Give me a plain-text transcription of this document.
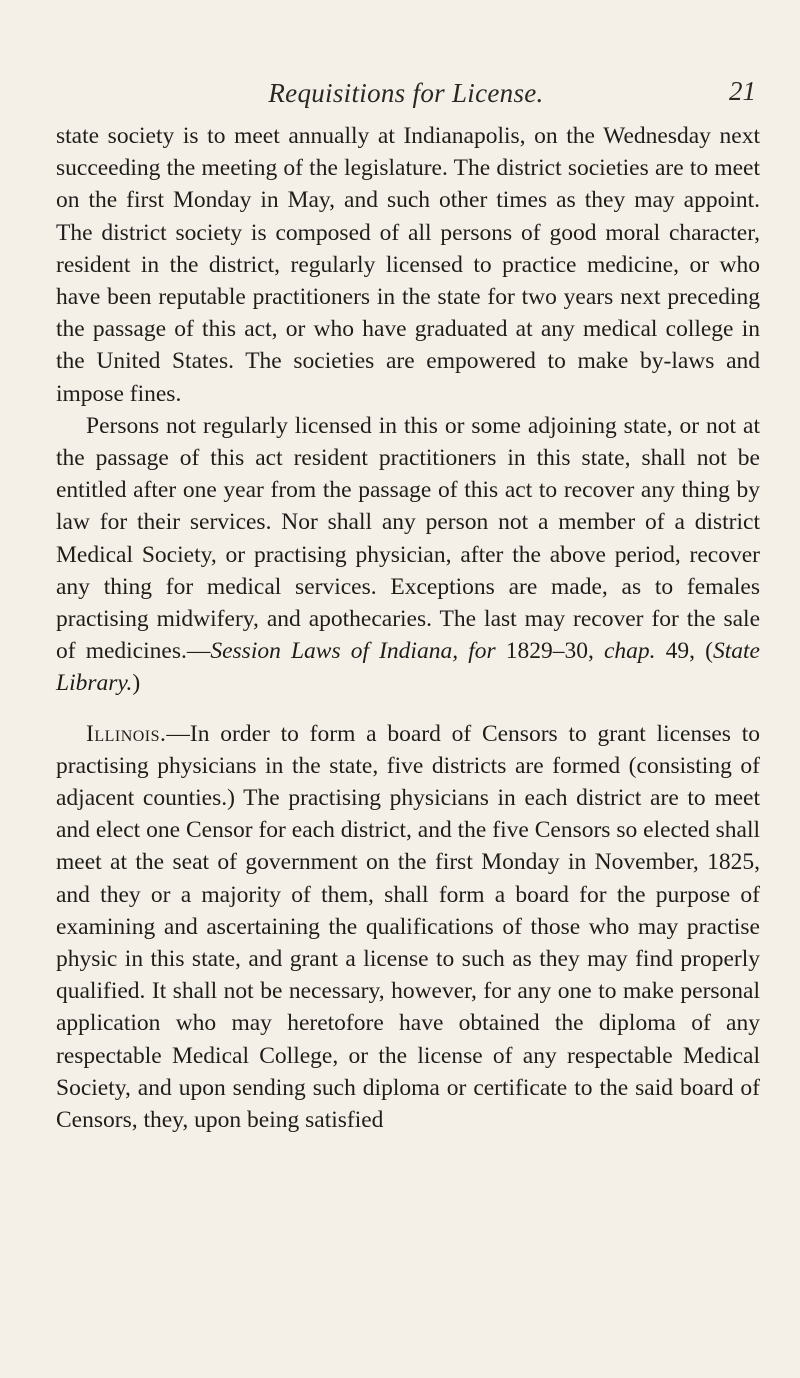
Requisitions for License.	21

state society is to meet annually at Indianapolis, on the Wednesday next succeeding the meeting of the legislature. The district societies are to meet on the first Monday in May, and such other times as they may appoint. The district society is composed of all persons of good moral character, resident in the district, regularly licensed to practice medicine, or who have been reputable practitioners in the state for two years next preceding the passage of this act, or who have graduated at any medical college in the United States. The societies are empowered to make by-laws and impose fines.

Persons not regularly licensed in this or some adjoining state, or not at the passage of this act resident practitioners in this state, shall not be entitled after one year from the passage of this act to recover any thing by law for their services. Nor shall any person not a member of a district Medical Society, or practising physician, after the above period, recover any thing for medical services. Exceptions are made, as to females practising midwifery, and apothecaries. The last may recover for the sale of medicines.—Session Laws of Indiana, for 1829–30, chap. 49, (State Library.)

Illinois.—In order to form a board of Censors to grant licenses to practising physicians in the state, five districts are formed (consisting of adjacent counties.) The practising physicians in each district are to meet and elect one Censor for each district, and the five Censors so elected shall meet at the seat of government on the first Monday in November, 1825, and they or a majority of them, shall form a board for the purpose of examining and ascertaining the qualifications of those who may practise physic in this state, and grant a license to such as they may find properly qualified. It shall not be necessary, however, for any one to make personal application who may heretofore have obtained the diploma of any respectable Medical College, or the license of any respectable Medical Society, and upon sending such diploma or certificate to the said board of Censors, they, upon being satisfied
